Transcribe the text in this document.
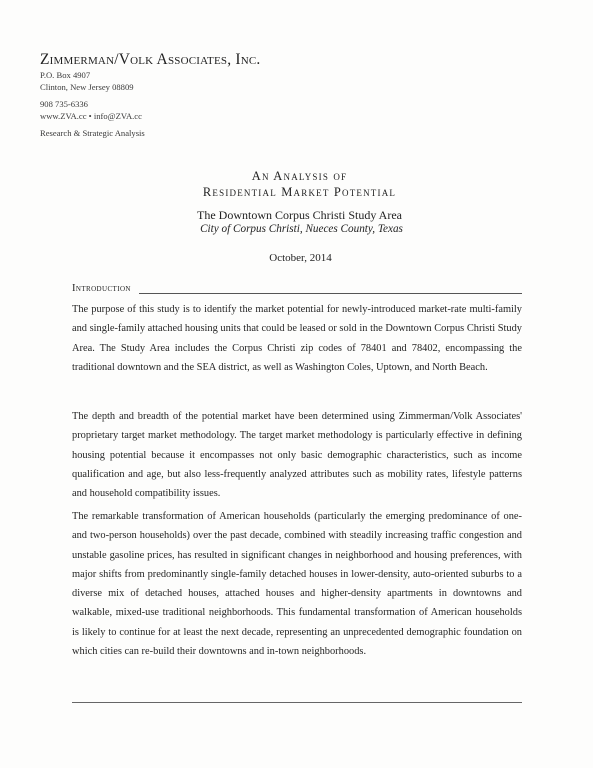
Zimmerman/Volk Associates, Inc.
P.O. Box 4907
Clinton, New Jersey 08809
908 735-6336
www.ZVA.cc • info@ZVA.cc
Research & Strategic Analysis
An Analysis of
Residential Market Potential
The Downtown Corpus Christi Study Area
City of Corpus Christi, Nueces County, Texas
October, 2014
Introduction

The purpose of this study is to identify the market potential for newly-introduced market-rate multi-family and single-family attached housing units that could be leased or sold in the Downtown Corpus Christi Study Area. The Study Area includes the Corpus Christi zip codes of 78401 and 78402, encompassing the traditional downtown and the SEA district, as well as Washington Coles, Uptown, and North Beach.

The depth and breadth of the potential market have been determined using Zimmerman/Volk Associates' proprietary target market methodology. The target market methodology is particularly effective in defining housing potential because it encompasses not only basic demographic characteristics, such as income qualification and age, but also less-frequently analyzed attributes such as mobility rates, lifestyle patterns and household compatibility issues.

The remarkable transformation of American households (particularly the emerging predominance of one- and two-person households) over the past decade, combined with steadily increasing traffic congestion and unstable gasoline prices, has resulted in significant changes in neighborhood and housing preferences, with major shifts from predominantly single-family detached houses in lower-density, auto-oriented suburbs to a diverse mix of detached houses, attached houses and higher-density apartments in downtowns and walkable, mixed-use traditional neighborhoods. This fundamental transformation of American households is likely to continue for at least the next decade, representing an unprecedented demographic foundation on which cities can re-build their downtowns and in-town neighborhoods.
